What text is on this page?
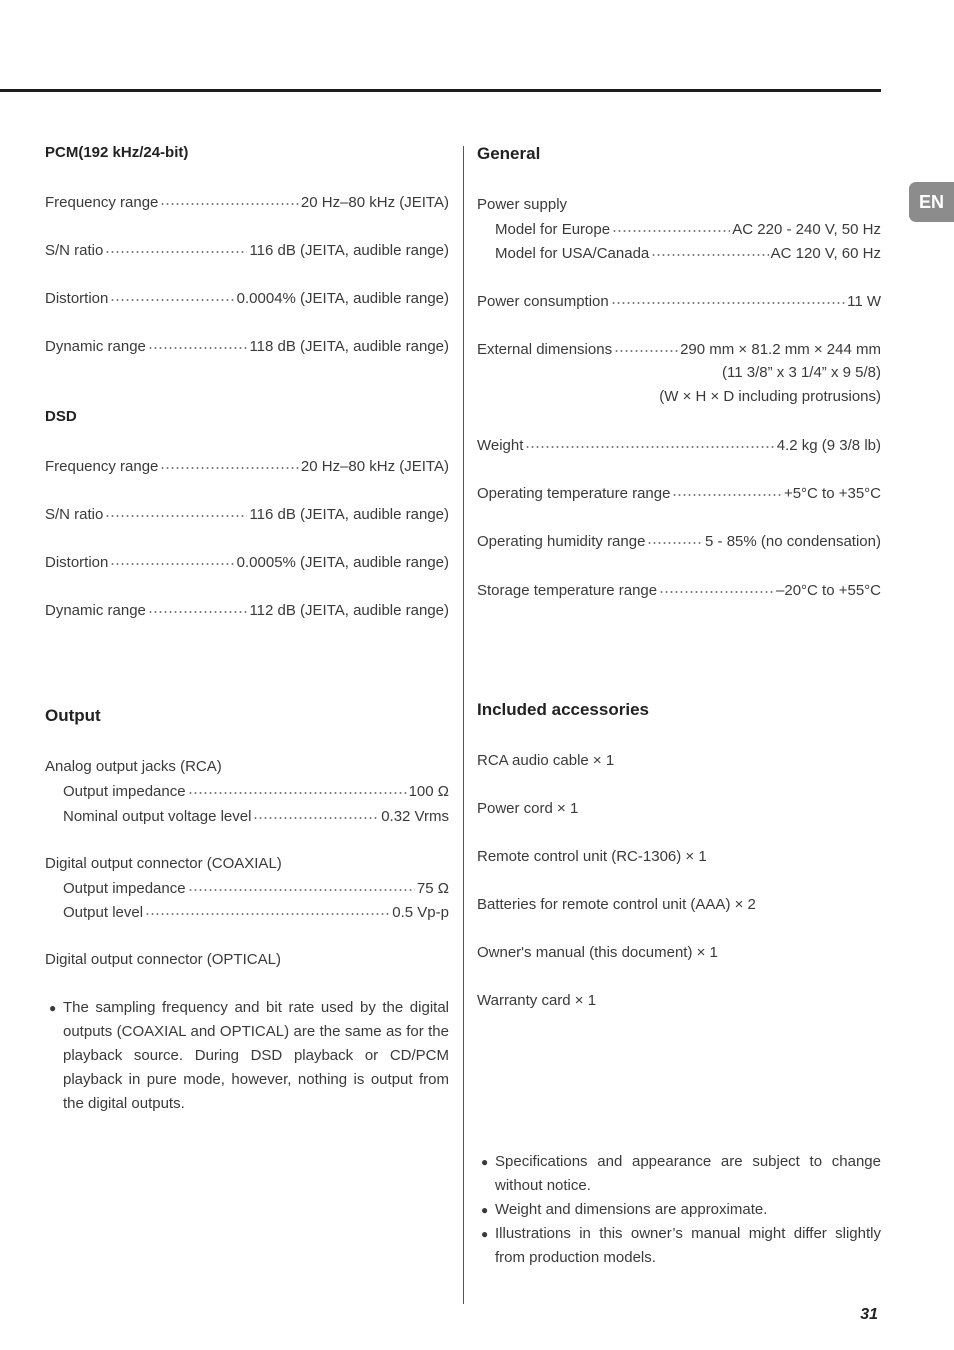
EN
PCM(192 kHz/24-bit)
Frequency range	20 Hz–80 kHz (JEITA)
S/N ratio	116 dB (JEITA, audible range)
Distortion	0.0004% (JEITA, audible range)
Dynamic range	118 dB (JEITA, audible range)
DSD
Frequency range	20 Hz–80 kHz (JEITA)
S/N ratio	116 dB (JEITA, audible range)
Distortion	0.0005% (JEITA, audible range)
Dynamic range	112 dB (JEITA, audible range)
Output
Analog output jacks (RCA)
Output impedance	100 Ω
Nominal output voltage level	0.32 Vrms
Digital output connector (COAXIAL)
Output impedance	75 Ω
Output level	0.5 Vp-p
Digital output connector (OPTICAL)
● The sampling frequency and bit rate used by the digital outputs (COAXIAL and OPTICAL) are the same as for the playback source. During DSD playback or CD/PCM playback in pure mode, however, nothing is output from the digital outputs.
General
Power supply
Model for Europe	AC 220 - 240 V, 50 Hz
Model for USA/Canada	AC 120 V, 60 Hz
Power consumption	11 W
External dimensions	290 mm × 81.2 mm × 244 mm
(11 3/8” x 3 1/4” x 9 5/8)
(W × H × D including protrusions)
Weight	4.2 kg (9 3/8 lb)
Operating temperature range	+5°C to +35°C
Operating humidity range	5 - 85% (no condensation)
Storage temperature range	–20°C to +55°C
Included accessories
RCA audio cable × 1
Power cord × 1
Remote control unit (RC-1306) × 1
Batteries for remote control unit (AAA) × 2
Owner's manual (this document) × 1
Warranty card × 1
● Specifications and appearance are subject to change without notice.
● Weight and dimensions are approximate.
● Illustrations in this owner’s manual might differ slightly from production models.
31
